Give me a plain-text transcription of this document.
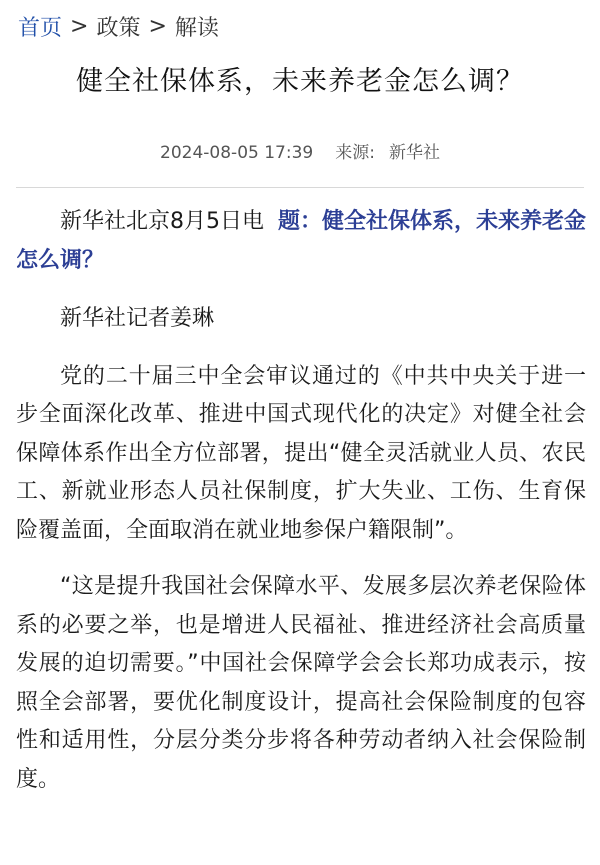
首页 > 政策 > 解读
健全社保体系，未来养老金怎么调？
2024-08-05 17:39 来源: 新华社

新华社北京8月5日电 题：健全社保体系，未来养老金怎么调？

新华社记者姜琳

党的二十届三中全会审议通过的《中共中央关于进一步全面深化改革、推进中国式现代化的决定》对健全社会保障体系作出全方位部署，提出“健全灵活就业人员、农民工、新就业形态人员社保制度，扩大失业、工伤、生育保险覆盖面，全面取消在就业地参保户籍限制”。

“这是提升我国社会保障水平、发展多层次养老保险体系的必要之举，也是增进人民福祉、推进经济社会高质量发展的迫切需要。”中国社会保障学会会长郑功成表示，按照全会部署，要优化制度设计，提高社会保险制度的包容性和适用性，分层分类分步将各种劳动者纳入社会保险制度。
